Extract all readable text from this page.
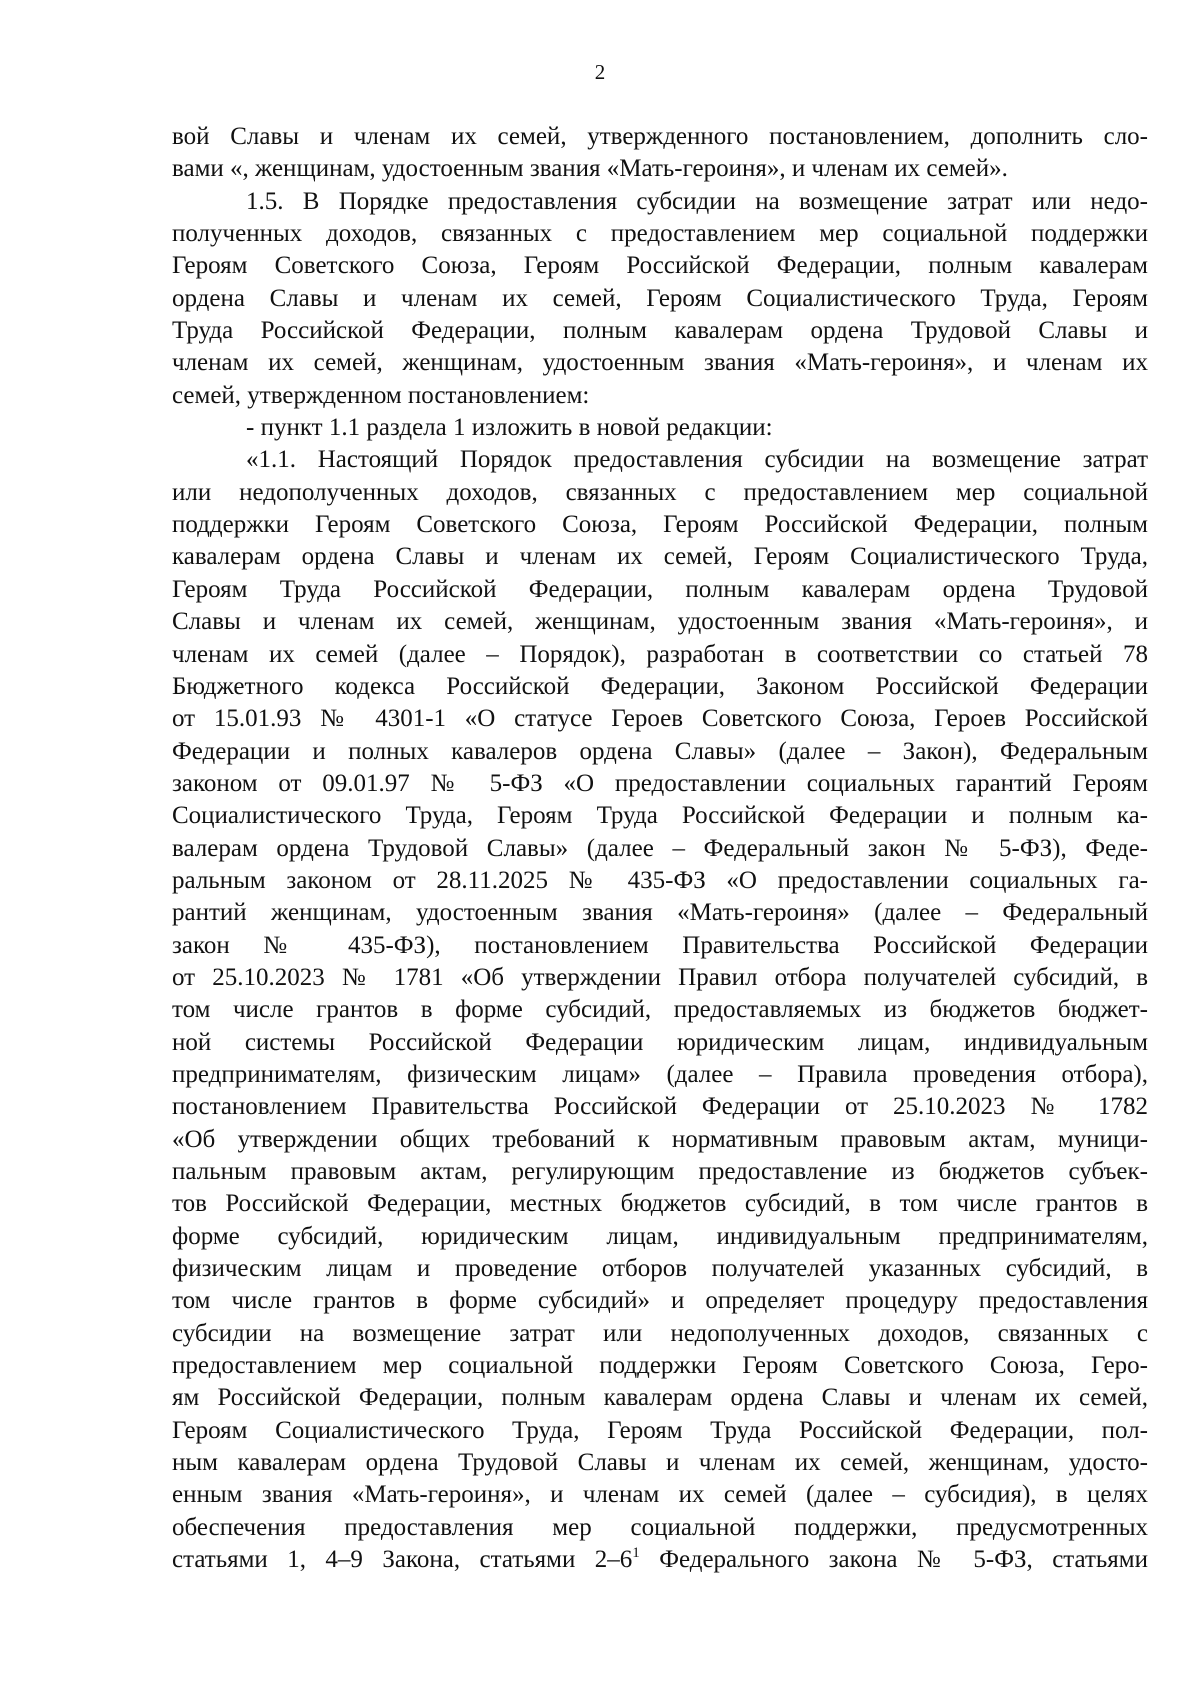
2
вой Славы и членам их семей, утвержденного постановлением, дополнить сло-
вами «, женщинам, удостоенным звания «Мать-героиня», и членам их семей».
1.5. В Порядке предоставления субсидии на возмещение затрат или недо-
полученных доходов, связанных с предоставлением мер социальной поддержки
Героям Советского Союза, Героям Российской Федерации, полным кавалерам
ордена Славы и членам их семей, Героям Социалистического Труда, Героям
Труда Российской Федерации, полным кавалерам ордена Трудовой Славы и
членам их семей, женщинам, удостоенным звания «Мать-героиня», и членам их
семей, утвержденном постановлением:
- пункт 1.1 раздела 1 изложить в новой редакции:
«1.1. Настоящий Порядок предоставления субсидии на возмещение затрат
или недополученных доходов, связанных с предоставлением мер социальной
поддержки Героям Советского Союза, Героям Российской Федерации, полным
кавалерам ордена Славы и членам их семей, Героям Социалистического Труда,
Героям Труда Российской Федерации, полным кавалерам ордена Трудовой
Славы и членам их семей, женщинам, удостоенным звания «Мать-героиня», и
членам их семей (далее – Порядок), разработан в соответствии со статьей 78
Бюджетного кодекса Российской Федерации, Законом Российской Федерации
от 15.01.93 № 4301-1 «О статусе Героев Советского Союза, Героев Российской
Федерации и полных кавалеров ордена Славы» (далее – Закон), Федеральным
законом от 09.01.97 № 5-ФЗ «О предоставлении социальных гарантий Героям
Социалистического Труда, Героям Труда Российской Федерации и полным ка-
валерам ордена Трудовой Славы» (далее – Федеральный закон № 5-ФЗ), Феде-
ральным законом от 28.11.2025 № 435-ФЗ «О предоставлении социальных га-
рантий женщинам, удостоенным звания «Мать-героиня» (далее – Федеральный
закон № 435-ФЗ), постановлением Правительства Российской Федерации
от 25.10.2023 № 1781 «Об утверждении Правил отбора получателей субсидий, в
том числе грантов в форме субсидий, предоставляемых из бюджетов бюджет-
ной системы Российской Федерации юридическим лицам, индивидуальным
предпринимателям, физическим лицам» (далее – Правила проведения отбора),
постановлением Правительства Российской Федерации от 25.10.2023 № 1782
«Об утверждении общих требований к нормативным правовым актам, муници-
пальным правовым актам, регулирующим предоставление из бюджетов субъек-
тов Российской Федерации, местных бюджетов субсидий, в том числе грантов в
форме субсидий, юридическим лицам, индивидуальным предпринимателям,
физическим лицам и проведение отборов получателей указанных субсидий, в
том числе грантов в форме субсидий» и определяет процедуру предоставления
субсидии на возмещение затрат или недополученных доходов, связанных с
предоставлением мер социальной поддержки Героям Советского Союза, Геро-
ям Российской Федерации, полным кавалерам ордена Славы и членам их семей,
Героям Социалистического Труда, Героям Труда Российской Федерации, пол-
ным кавалерам ордена Трудовой Славы и членам их семей, женщинам, удосто-
енным звания «Мать-героиня», и членам их семей (далее – субсидия), в целях
обеспечения предоставления мер социальной поддержки, предусмотренных
статьями 1, 4–9 Закона, статьями $2-6^1$ Федерального закона № 5-ФЗ, статьями
